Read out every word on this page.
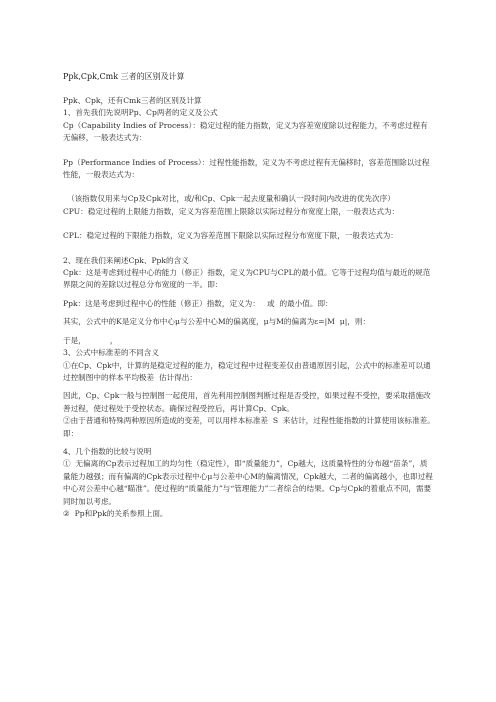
Ppk,Cpk,Cmk 三者的区别及计算

Ppk、Cpk，还有Cmk三者的区别及计算

1、首先我们先说明Pp、Cp两者的定义及公式

Cp（Capability Indies of Process）：稳定过程的能力指数，定义为容差宽度除以过程能力，不考虑过程有无偏移，一般表达式为：

Pp（Performance Indies of Process）：过程性能指数，定义为不考虑过程有无偏移时，容差范围除以过程性能，一般表达式为：

（该指数仅用来与Cp及Cpk对比，或/和Cp、Cpk一起去度量和确认一段时间内改进的优先次序）

CPU：稳定过程的上限能力指数，定义为容差范围上限除以实际过程分布宽度上限，一般表达式为：

CPL：稳定过程的下限能力指数，定义为容差范围下限除以实际过程分布宽度下限，一般表达式为：

2、现在我们来阐述Cpk、Ppk的含义

Cpk：这是考虑到过程中心的能力（修正）指数，定义为CPU与CPL的最小值。它等于过程均值与最近的规范界限之间的差除以过程总分布宽度的一半。即：

Ppk：这是考虑到过程中心的性能（修正）指数，定义为：   或  的最小值。即：

其实，公式中的K是定义分布中心μ与公差中心M的偏离度，μ与M的偏离为ε=|M  μ|，则：

于是，          ，

3、公式中标准差的不同含义

①在Cp、Cpk中，计算的是稳定过程的能力，稳定过程中过程变差仅由普通原因引起，公式中的标准差可以通过控制图中的样本平均极差  估计得出：

因此，Cp、Cpk一般与控制图一起使用，首先利用控制图判断过程是否受控，如果过程不受控，要采取措施改善过程，使过程处于受控状态。确保过程受控后，再计算Cp、Cpk。

②由于普通和特殊两种原因所造成的变差，可以用样本标准差  S  来估计，过程性能指数的计算使用该标准差。即：

4、几个指数的比较与说明

①  无偏离的Cp表示过程加工的均匀性（稳定性），即“质量能力”，Cp越大，这质量特性的分布越“苗条”，质量能力越强；而有偏离的Cpk表示过程中心μ与公差中心M的偏离情况，Cpk越大，二者的偏离越小，也即过程中心对公差中心越“瞄准”。使过程的“质量能力”与“管理能力”二者综合的结果。Cp与Cpk的着重点不同，需要同时加以考虑。

②  Pp和Ppk的关系参照上面。
